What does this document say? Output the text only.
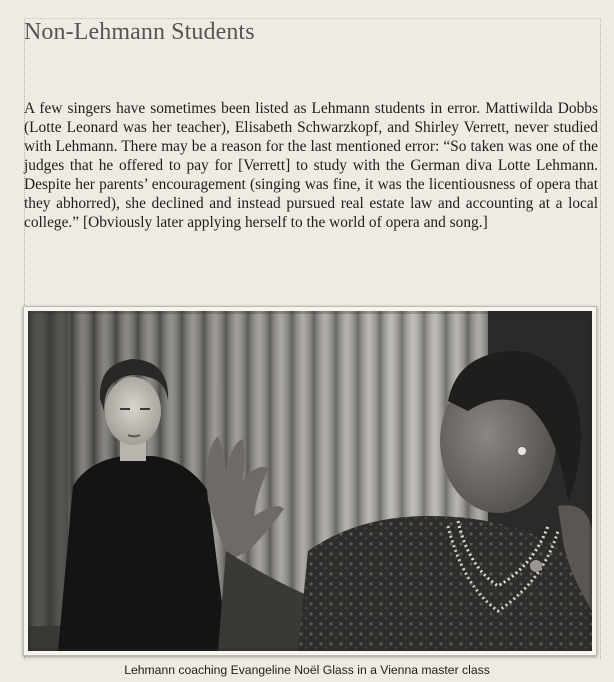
Non-Lehmann Students

A few singers have sometimes been listed as Lehmann students in error. Mattiwilda Dobbs (Lotte Leonard was her teacher), Elisabeth Schwarzkopf, and Shirley Verrett, never studied with Lehmann. There may be a reason for the last mentioned error: “So taken was one of the judges that he offered to pay for [Verrett] to study with the German diva Lotte Lehmann. Despite her parents’ encouragement (singing was fine, it was the licentiousness of opera that they abhorred), she declined and instead pursued real estate law and accounting at a local college.” [Obviously later applying herself to the world of opera and song.]

Lehmann coaching Evangeline Noël Glass in a Vienna master class
